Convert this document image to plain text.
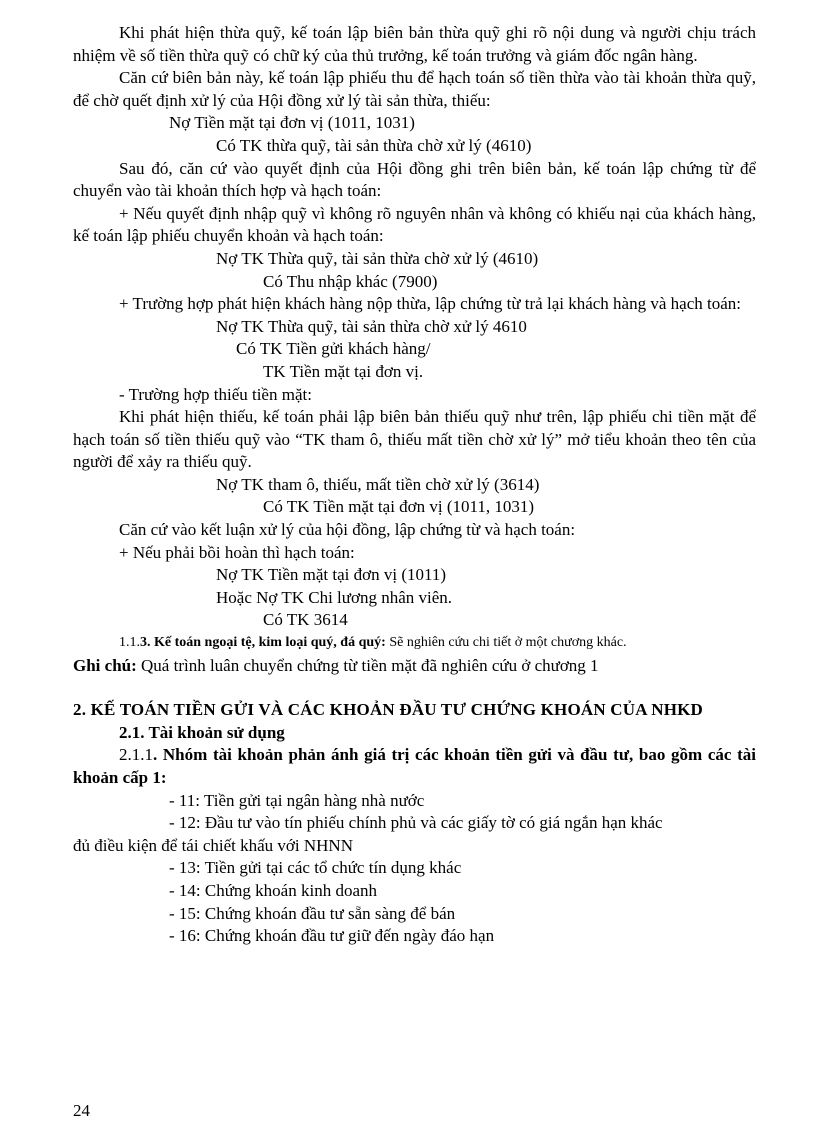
Khi phát hiện thừa quỹ, kế toán lập biên bản thừa quỹ ghi rõ nội dung và người chịu trách nhiệm về số tiền thừa quỹ có chữ ký của thủ trưởng, kế toán trưởng và giám đốc ngân hàng.

Căn cứ biên bản này, kế toán lập phiếu thu để hạch toán số tiền thừa vào tài khoản thừa quỹ, để chờ quết định xử lý của Hội đồng xử lý tài sản thừa, thiếu:

Nợ Tiền mặt tại đơn vị (1011, 1031)

Có TK thừa quỹ, tài sản thừa chờ xử lý (4610)

Sau đó, căn cứ vào quyết định của Hội đồng ghi trên biên bản, kế toán lập chứng từ để chuyển vào tài khoản thích hợp và hạch toán:

+ Nếu quyết định nhập quỹ vì không rõ nguyên nhân và không có khiếu nại của khách hàng, kế toán lập phiếu chuyển khoản và hạch toán:

Nợ TK Thừa quỹ, tài sản thừa chờ xử lý (4610)

Có Thu nhập khác (7900)

+ Trường hợp phát hiện khách hàng nộp thừa, lập chứng từ trả lại khách hàng và hạch toán:

Nợ TK Thừa quỹ, tài sản thừa chờ xử lý 4610

Có TK Tiền gửi khách hàng/

TK Tiền mặt tại đơn vị.

- Trường hợp thiếu tiền mặt:

Khi phát hiện thiếu, kế toán phải lập biên bản thiếu quỹ như trên, lập phiếu chi tiền mặt để hạch toán số tiền thiếu quỹ vào “TK tham ô, thiếu mất tiền chờ xử lý” mở tiểu khoản theo tên của người để xảy ra thiếu quỹ.

Nợ TK tham ô, thiếu, mất tiền chờ xử lý (3614)

Có TK Tiền mặt tại đơn vị (1011, 1031)

Căn cứ vào kết luận xử lý của hội đồng, lập chứng từ và hạch toán:

+ Nếu phải bồi hoàn thì hạch toán:

Nợ TK Tiền mặt tại đơn vị (1011)

Hoặc Nợ TK Chi lương nhân viên.

Có TK 3614

1.1.3. Kế toán ngoại tệ, kim loại quý, đá quý: Sẽ nghiên cứu chi tiết ở một chương khác.

Ghi chú: Quá trình luân chuyển chứng từ tiền mặt đã nghiên cứu ở chương 1

2. KẾ TOÁN TIỀN GỬI VÀ CÁC KHOẢN ĐẦU TƯ CHỨNG KHOÁN CỦA NHKD

2.1. Tài khoản sử dụng

2.1.1. Nhóm tài khoản phản ánh giá trị các khoản tiền gửi và đầu tư, bao gồm các tài khoản cấp 1:

- 11: Tiền gửi tại ngân hàng nhà nước

- 12: Đầu tư vào tín phiếu chính phủ và các giấy tờ có giá ngắn hạn khác

đủ điều kiện để tái chiết khấu với NHNN

- 13: Tiền gửi tại các tổ chức tín dụng khác

- 14: Chứng khoán kinh doanh

- 15: Chứng khoán đầu tư sẵn sàng để bán

- 16: Chứng khoán đầu tư giữ đến ngày đáo hạn

24
